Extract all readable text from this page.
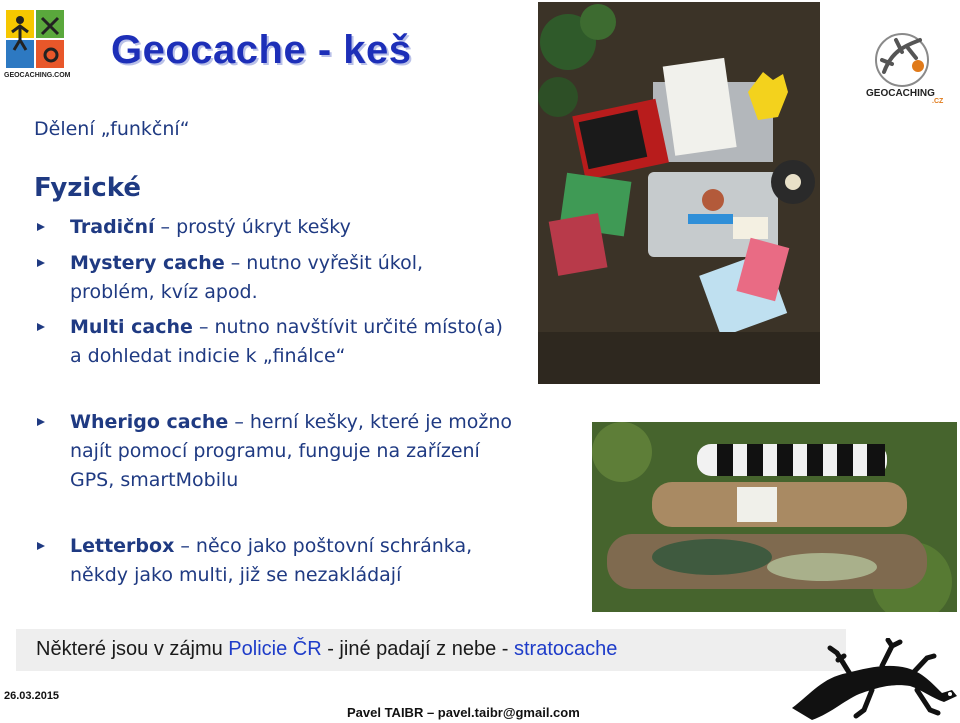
GEOCACHING.COM
Geocache - keš
Dělení „funkční“
Fyzické
Tradiční – prostý úkryt kešky
Mystery cache – nutno vyřešit úkol, problém, kvíz apod.
Multi cache – nutno navštívit určité místo(a) a dohledat indicie k „finálce“
Wherigo cache – herní kešky, které je možno najít pomocí programu, funguje na zařízení GPS, smartMobilu
Letterbox – něco jako poštovní schránka, někdy jako multi, již se nezakládají
GEOCACHING
.CZ
Některé jsou v zájmu Policie ČR - jiné padají z nebe - stratocache
26.03.2015
Pavel TAIBR – pavel.taibr@gmail.com
